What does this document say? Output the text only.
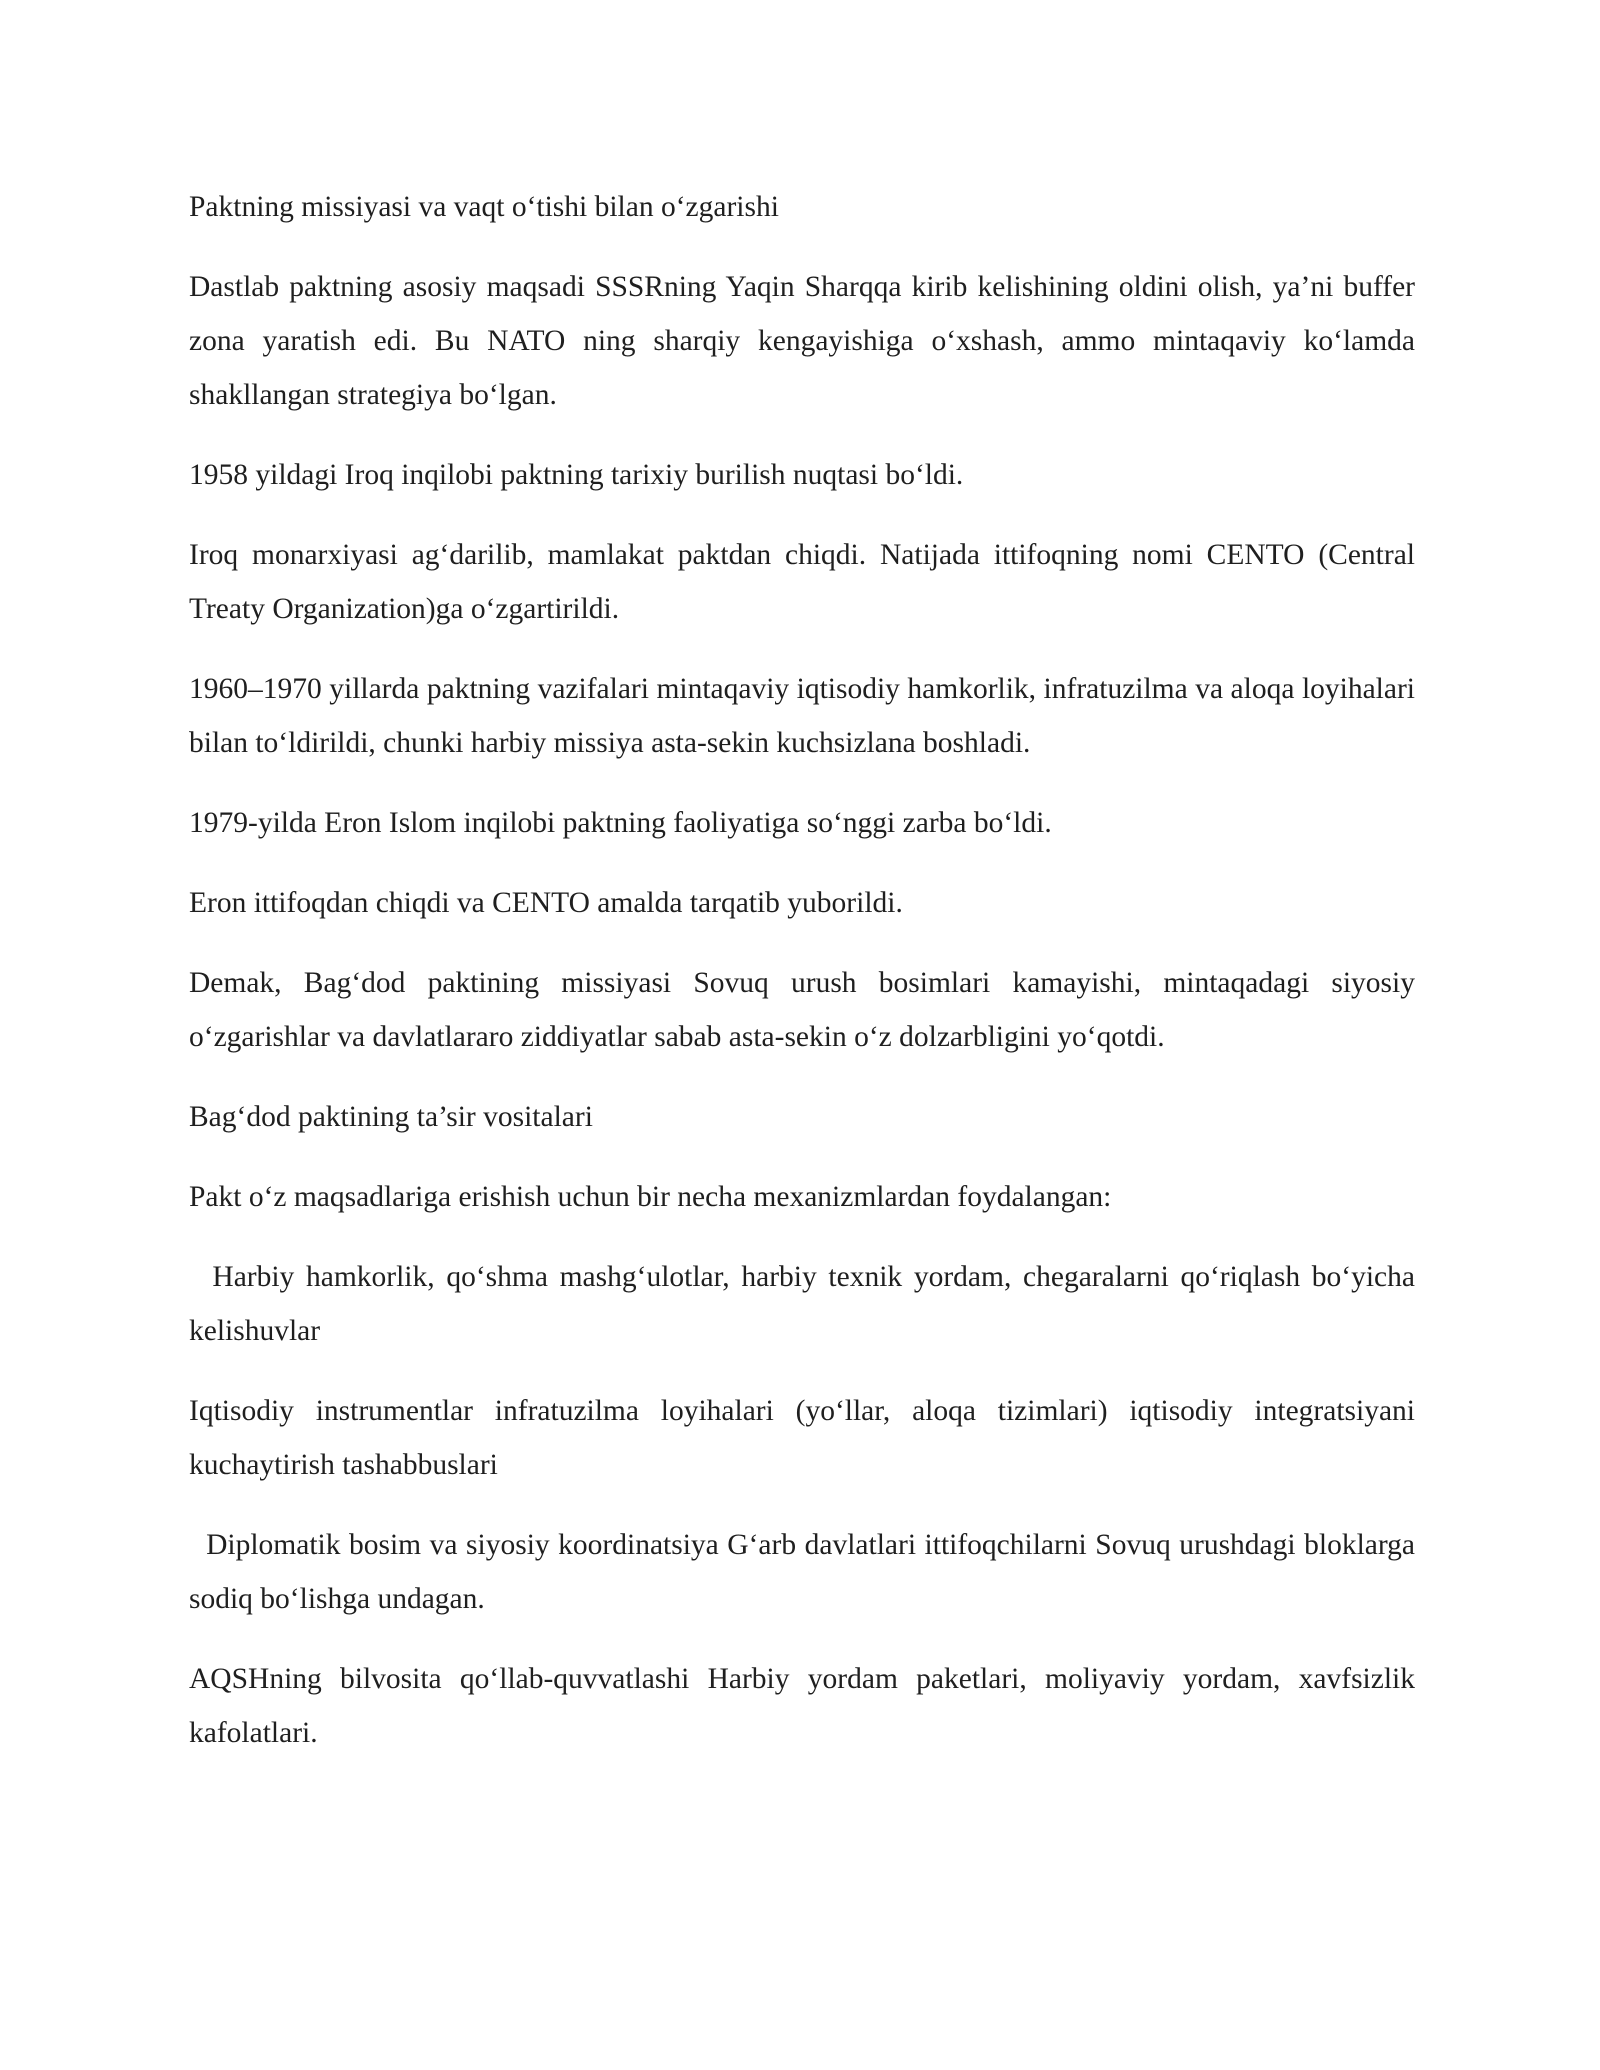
Paktning missiyasi va vaqt o‘tishi bilan o‘zgarishi

Dastlab paktning asosiy maqsadi SSSRning Yaqin Sharqqa kirib kelishining oldini olish, ya’ni buffer zona yaratish edi. Bu NATO ning sharqiy kengayishiga o‘xshash, ammo mintaqaviy ko‘lamda shakllangan strategiya bo‘lgan.

1958 yildagi Iroq inqilobi paktning tarixiy burilish nuqtasi bo‘ldi.

Iroq monarxiyasi ag‘darilib, mamlakat paktdan chiqdi. Natijada ittifoqning nomi CENTO (Central Treaty Organization)ga o‘zgartirildi.

1960–1970 yillarda paktning vazifalari mintaqaviy iqtisodiy hamkorlik, infratuzilma va aloqa loyihalari bilan to‘ldirildi, chunki harbiy missiya asta-sekin kuchsizlana boshladi.

1979-yilda Eron Islom inqilobi paktning faoliyatiga so‘nggi zarba bo‘ldi.

Eron ittifoqdan chiqdi va CENTO amalda tarqatib yuborildi.

Demak, Bag‘dod paktining missiyasi Sovuq urush bosimlari kamayishi, mintaqadagi siyosiy o‘zgarishlar va davlatlararo ziddiyatlar sabab asta-sekin o‘z dolzarbligini yo‘qotdi.

Bag‘dod paktining ta’sir vositalari

Pakt o‘z maqsadlariga erishish uchun bir necha mexanizmlardan foydalangan:

Harbiy hamkorlik, qo‘shma mashg‘ulotlar, harbiy texnik yordam, chegaralarni qo‘riqlash bo‘yicha kelishuvlar

Iqtisodiy instrumentlar infratuzilma loyihalari (yo‘llar, aloqa tizimlari) iqtisodiy integratsiyani kuchaytirish tashabbuslari

Diplomatik bosim va siyosiy koordinatsiya G‘arb davlatlari ittifoqchilarni Sovuq urushdagi bloklarga sodiq bo‘lishga undagan.

AQSHning bilvosita qo‘llab-quvvatlashi Harbiy yordam paketlari, moliyaviy yordam, xavfsizlik kafolatlari.
